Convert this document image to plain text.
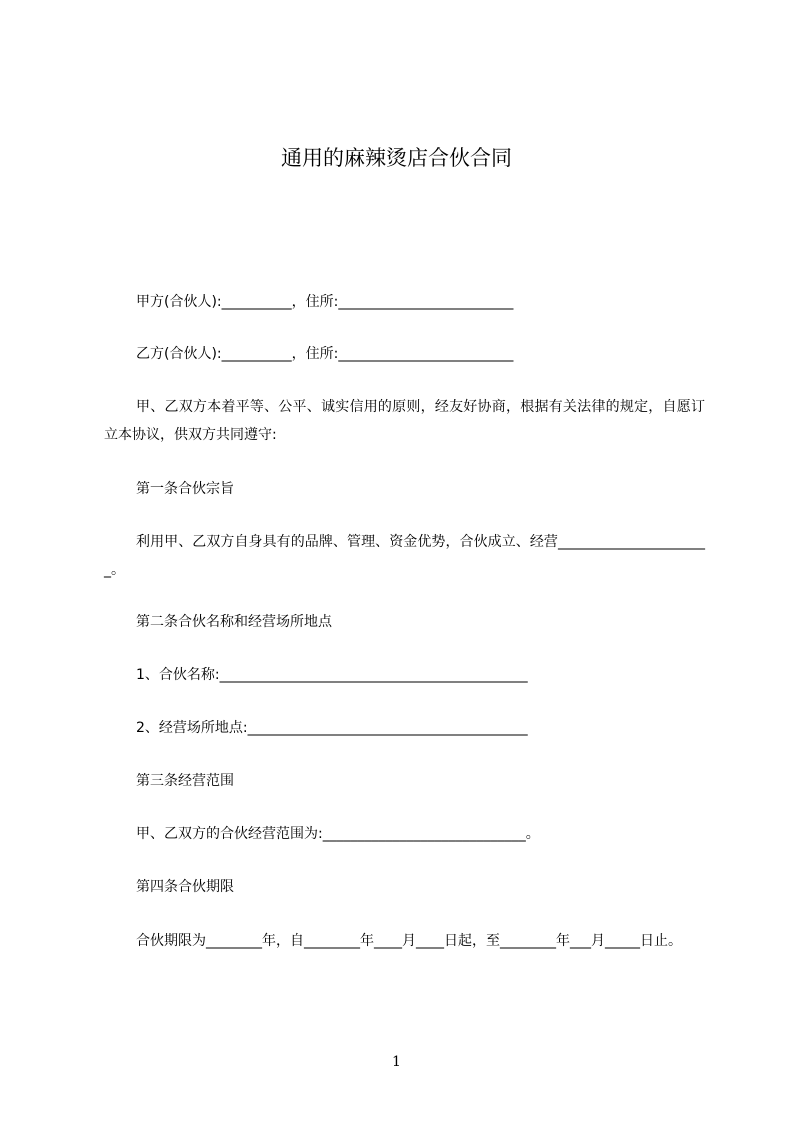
通用的麻辣烫店合伙合同

甲方(合伙人):__________，住所:_________________________

乙方(合伙人):__________，住所:_________________________

甲、乙双方本着平等、公平、诚实信用的原则，经友好协商，根据有关法律的规定，自愿订立本协议，供双方共同遵守:

第一条合伙宗旨

利用甲、乙双方自身具有的品牌、管理、资金优势，合伙成立、经营______________________。

第二条合伙名称和经营场所地点

1、合伙名称:____________________________________________

2、经营场所地点:________________________________________

第三条经营范围

甲、乙双方的合伙经营范围为:_____________________________。

第四条合伙期限

合伙期限为________年，自________年____月____日起，至________年___月_____日止。

1
